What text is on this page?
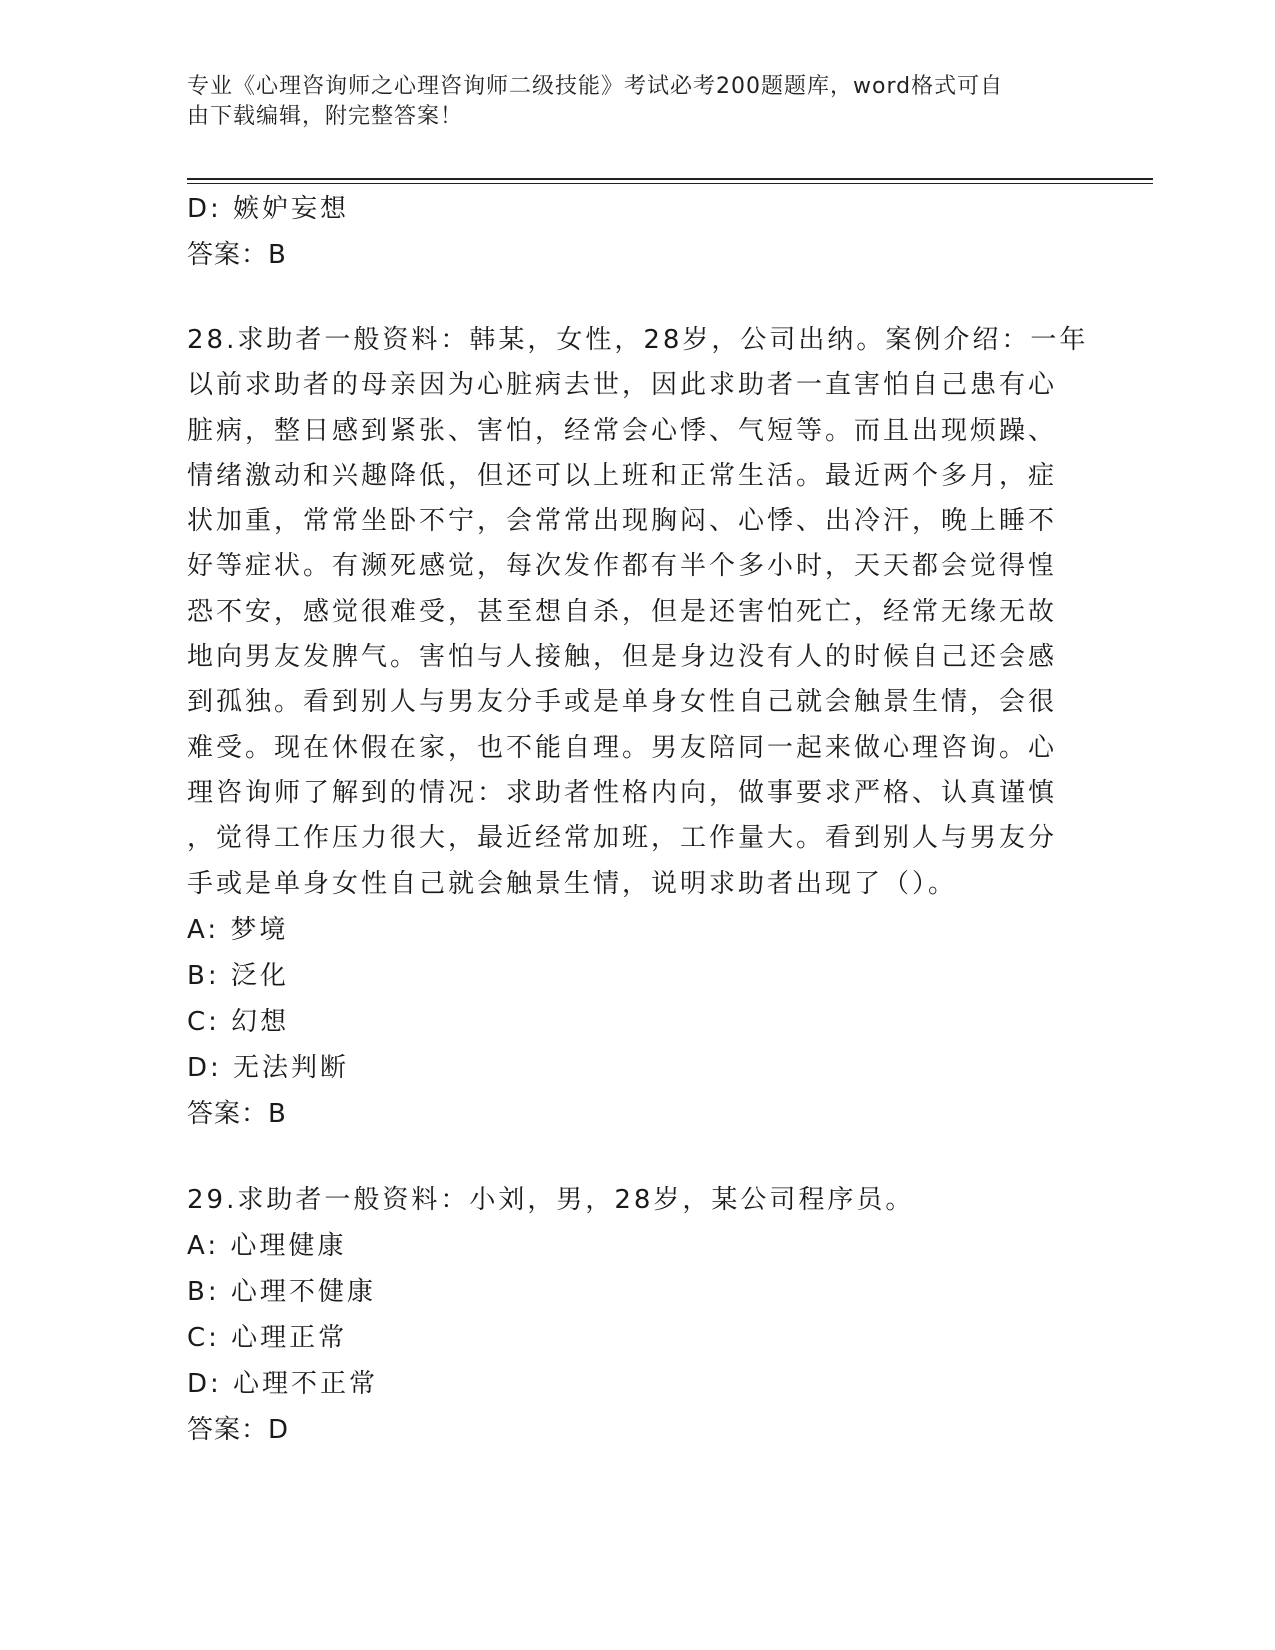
专业《心理咨询师之心理咨询师二级技能》考试必考200题题库，word格式可自
由下载编辑，附完整答案！
D: 嫉妒妄想
答案：B
28.求助者一般资料：韩某，女性，28岁，公司出纳。案例介绍：一年
以前求助者的母亲因为心脏病去世，因此求助者一直害怕自己患有心
脏病，整日感到紧张、害怕，经常会心悸、气短等。而且出现烦躁、
情绪激动和兴趣降低，但还可以上班和正常生活。最近两个多月，症
状加重，常常坐卧不宁，会常常出现胸闷、心悸、出冷汗，晚上睡不
好等症状。有濒死感觉，每次发作都有半个多小时，天天都会觉得惶
恐不安，感觉很难受，甚至想自杀，但是还害怕死亡，经常无缘无故
地向男友发脾气。害怕与人接触，但是身边没有人的时候自己还会感
到孤独。看到别人与男友分手或是单身女性自己就会触景生情，会很
难受。现在休假在家，也不能自理。男友陪同一起来做心理咨询。心
理咨询师了解到的情况：求助者性格内向，做事要求严格、认真谨慎
，觉得工作压力很大，最近经常加班，工作量大。看到别人与男友分
手或是单身女性自己就会触景生情，说明求助者出现了（）。
A: 梦境
B: 泛化
C: 幻想
D: 无法判断
答案：B
29.求助者一般资料：小刘，男，28岁，某公司程序员。
A: 心理健康
B: 心理不健康
C: 心理正常
D: 心理不正常
答案：D
